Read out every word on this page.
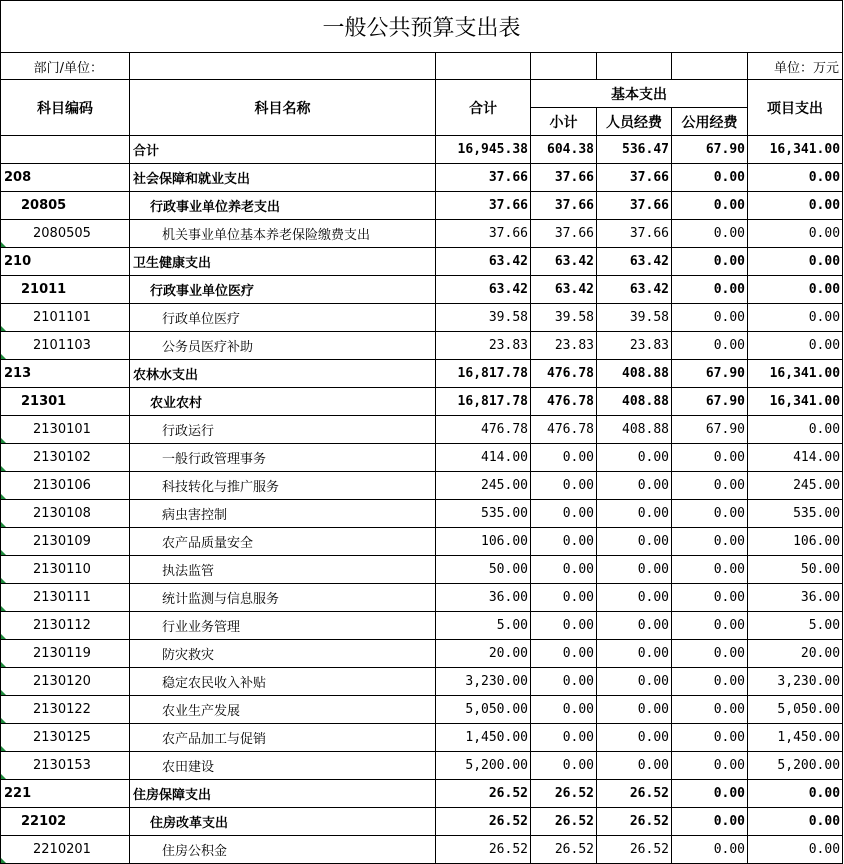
一般公共预算支出表						
部门/单位：						单位：万元
科目编码	科目名称	合计	基本支出			项目支出
			小计	人员经费	公用经费	
	合计	16,945.38	604.38	536.47	67.90	16,341.00
208	社会保障和就业支出	37.66	37.66	37.66	0.00	0.00
20805	行政事业单位养老支出	37.66	37.66	37.66	0.00	0.00
2080505	机关事业单位基本养老保险缴费支出	37.66	37.66	37.66	0.00	0.00
210	卫生健康支出	63.42	63.42	63.42	0.00	0.00
21011	行政事业单位医疗	63.42	63.42	63.42	0.00	0.00
2101101	行政单位医疗	39.58	39.58	39.58	0.00	0.00
2101103	公务员医疗补助	23.83	23.83	23.83	0.00	0.00
213	农林水支出	16,817.78	476.78	408.88	67.90	16,341.00
21301	农业农村	16,817.78	476.78	408.88	67.90	16,341.00
2130101	行政运行	476.78	476.78	408.88	67.90	0.00
2130102	一般行政管理事务	414.00	0.00	0.00	0.00	414.00
2130106	科技转化与推广服务	245.00	0.00	0.00	0.00	245.00
2130108	病虫害控制	535.00	0.00	0.00	0.00	535.00
2130109	农产品质量安全	106.00	0.00	0.00	0.00	106.00
2130110	执法监管	50.00	0.00	0.00	0.00	50.00
2130111	统计监测与信息服务	36.00	0.00	0.00	0.00	36.00
2130112	行业业务管理	5.00	0.00	0.00	0.00	5.00
2130119	防灾救灾	20.00	0.00	0.00	0.00	20.00
2130120	稳定农民收入补贴	3,230.00	0.00	0.00	0.00	3,230.00
2130122	农业生产发展	5,050.00	0.00	0.00	0.00	5,050.00
2130125	农产品加工与促销	1,450.00	0.00	0.00	0.00	1,450.00
2130153	农田建设	5,200.00	0.00	0.00	0.00	5,200.00
221	住房保障支出	26.52	26.52	26.52	0.00	0.00
22102	住房改革支出	26.52	26.52	26.52	0.00	0.00
2210201	住房公积金	26.52	26.52	26.52	0.00	0.00
